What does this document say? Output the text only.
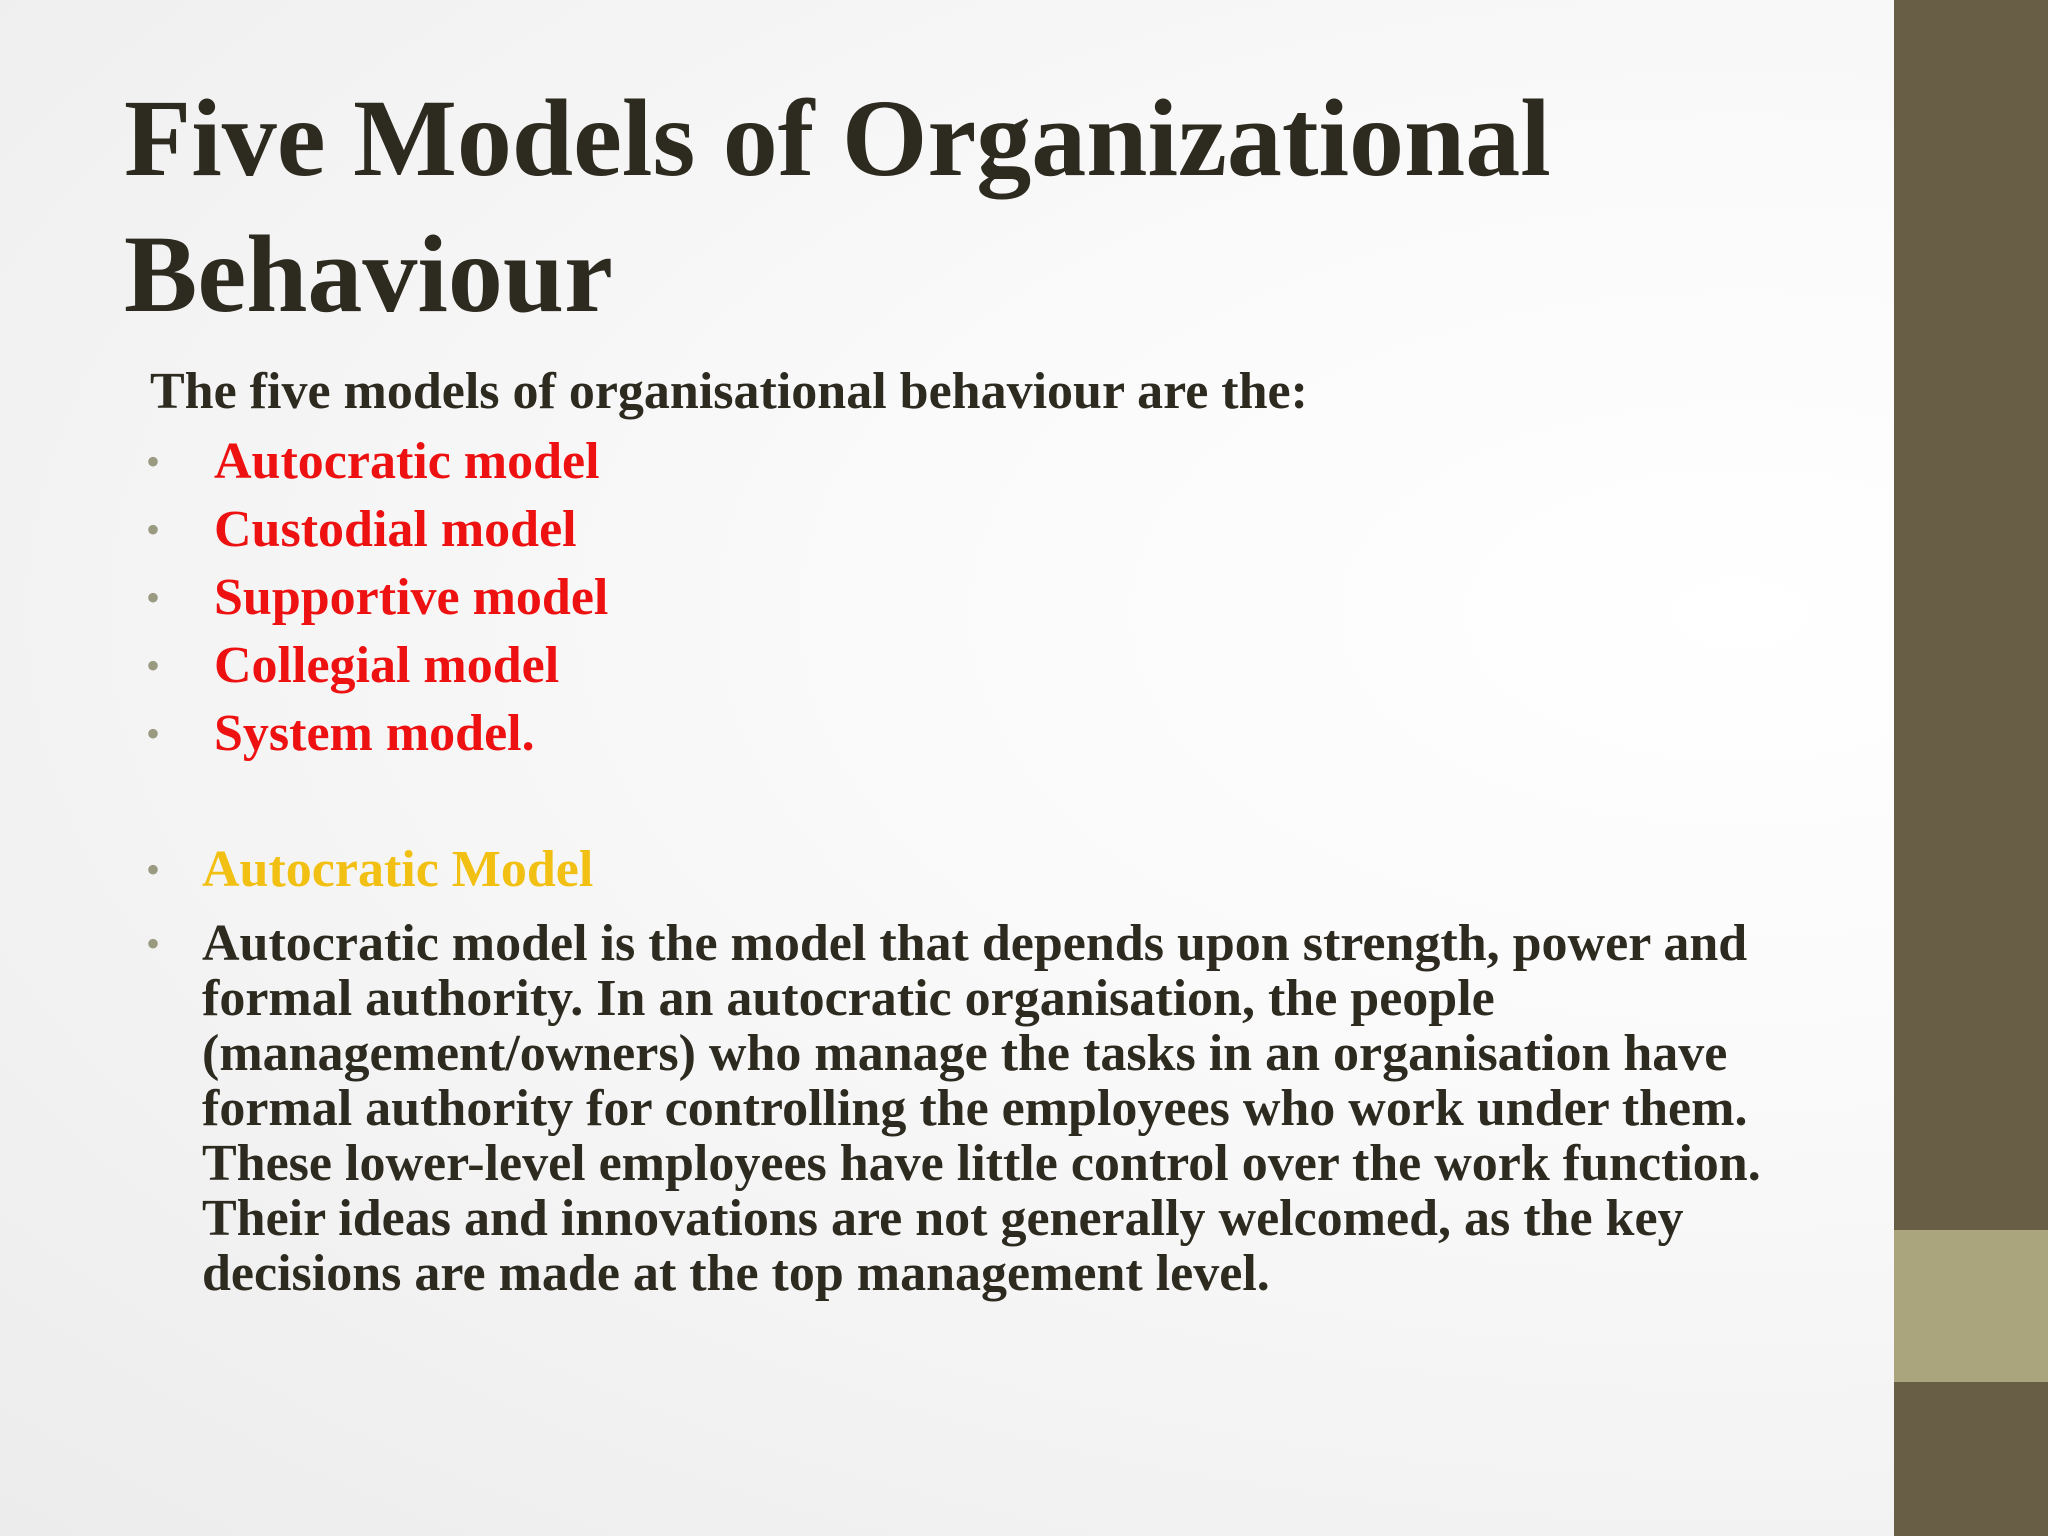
Five Models of Organizational Behaviour
The five models of organisational behaviour are the:
• Autocratic model
• Custodial model
• Supportive model
• Collegial model
• System model.
• Autocratic Model
• Autocratic model is the model that depends upon strength, power and formal authority. In an autocratic organisation, the people (management/owners) who manage the tasks in an organisation have formal authority for controlling the employees who work under them. These lower-level employees have little control over the work function. Their ideas and innovations are not generally welcomed, as the key decisions are made at the top management level.
